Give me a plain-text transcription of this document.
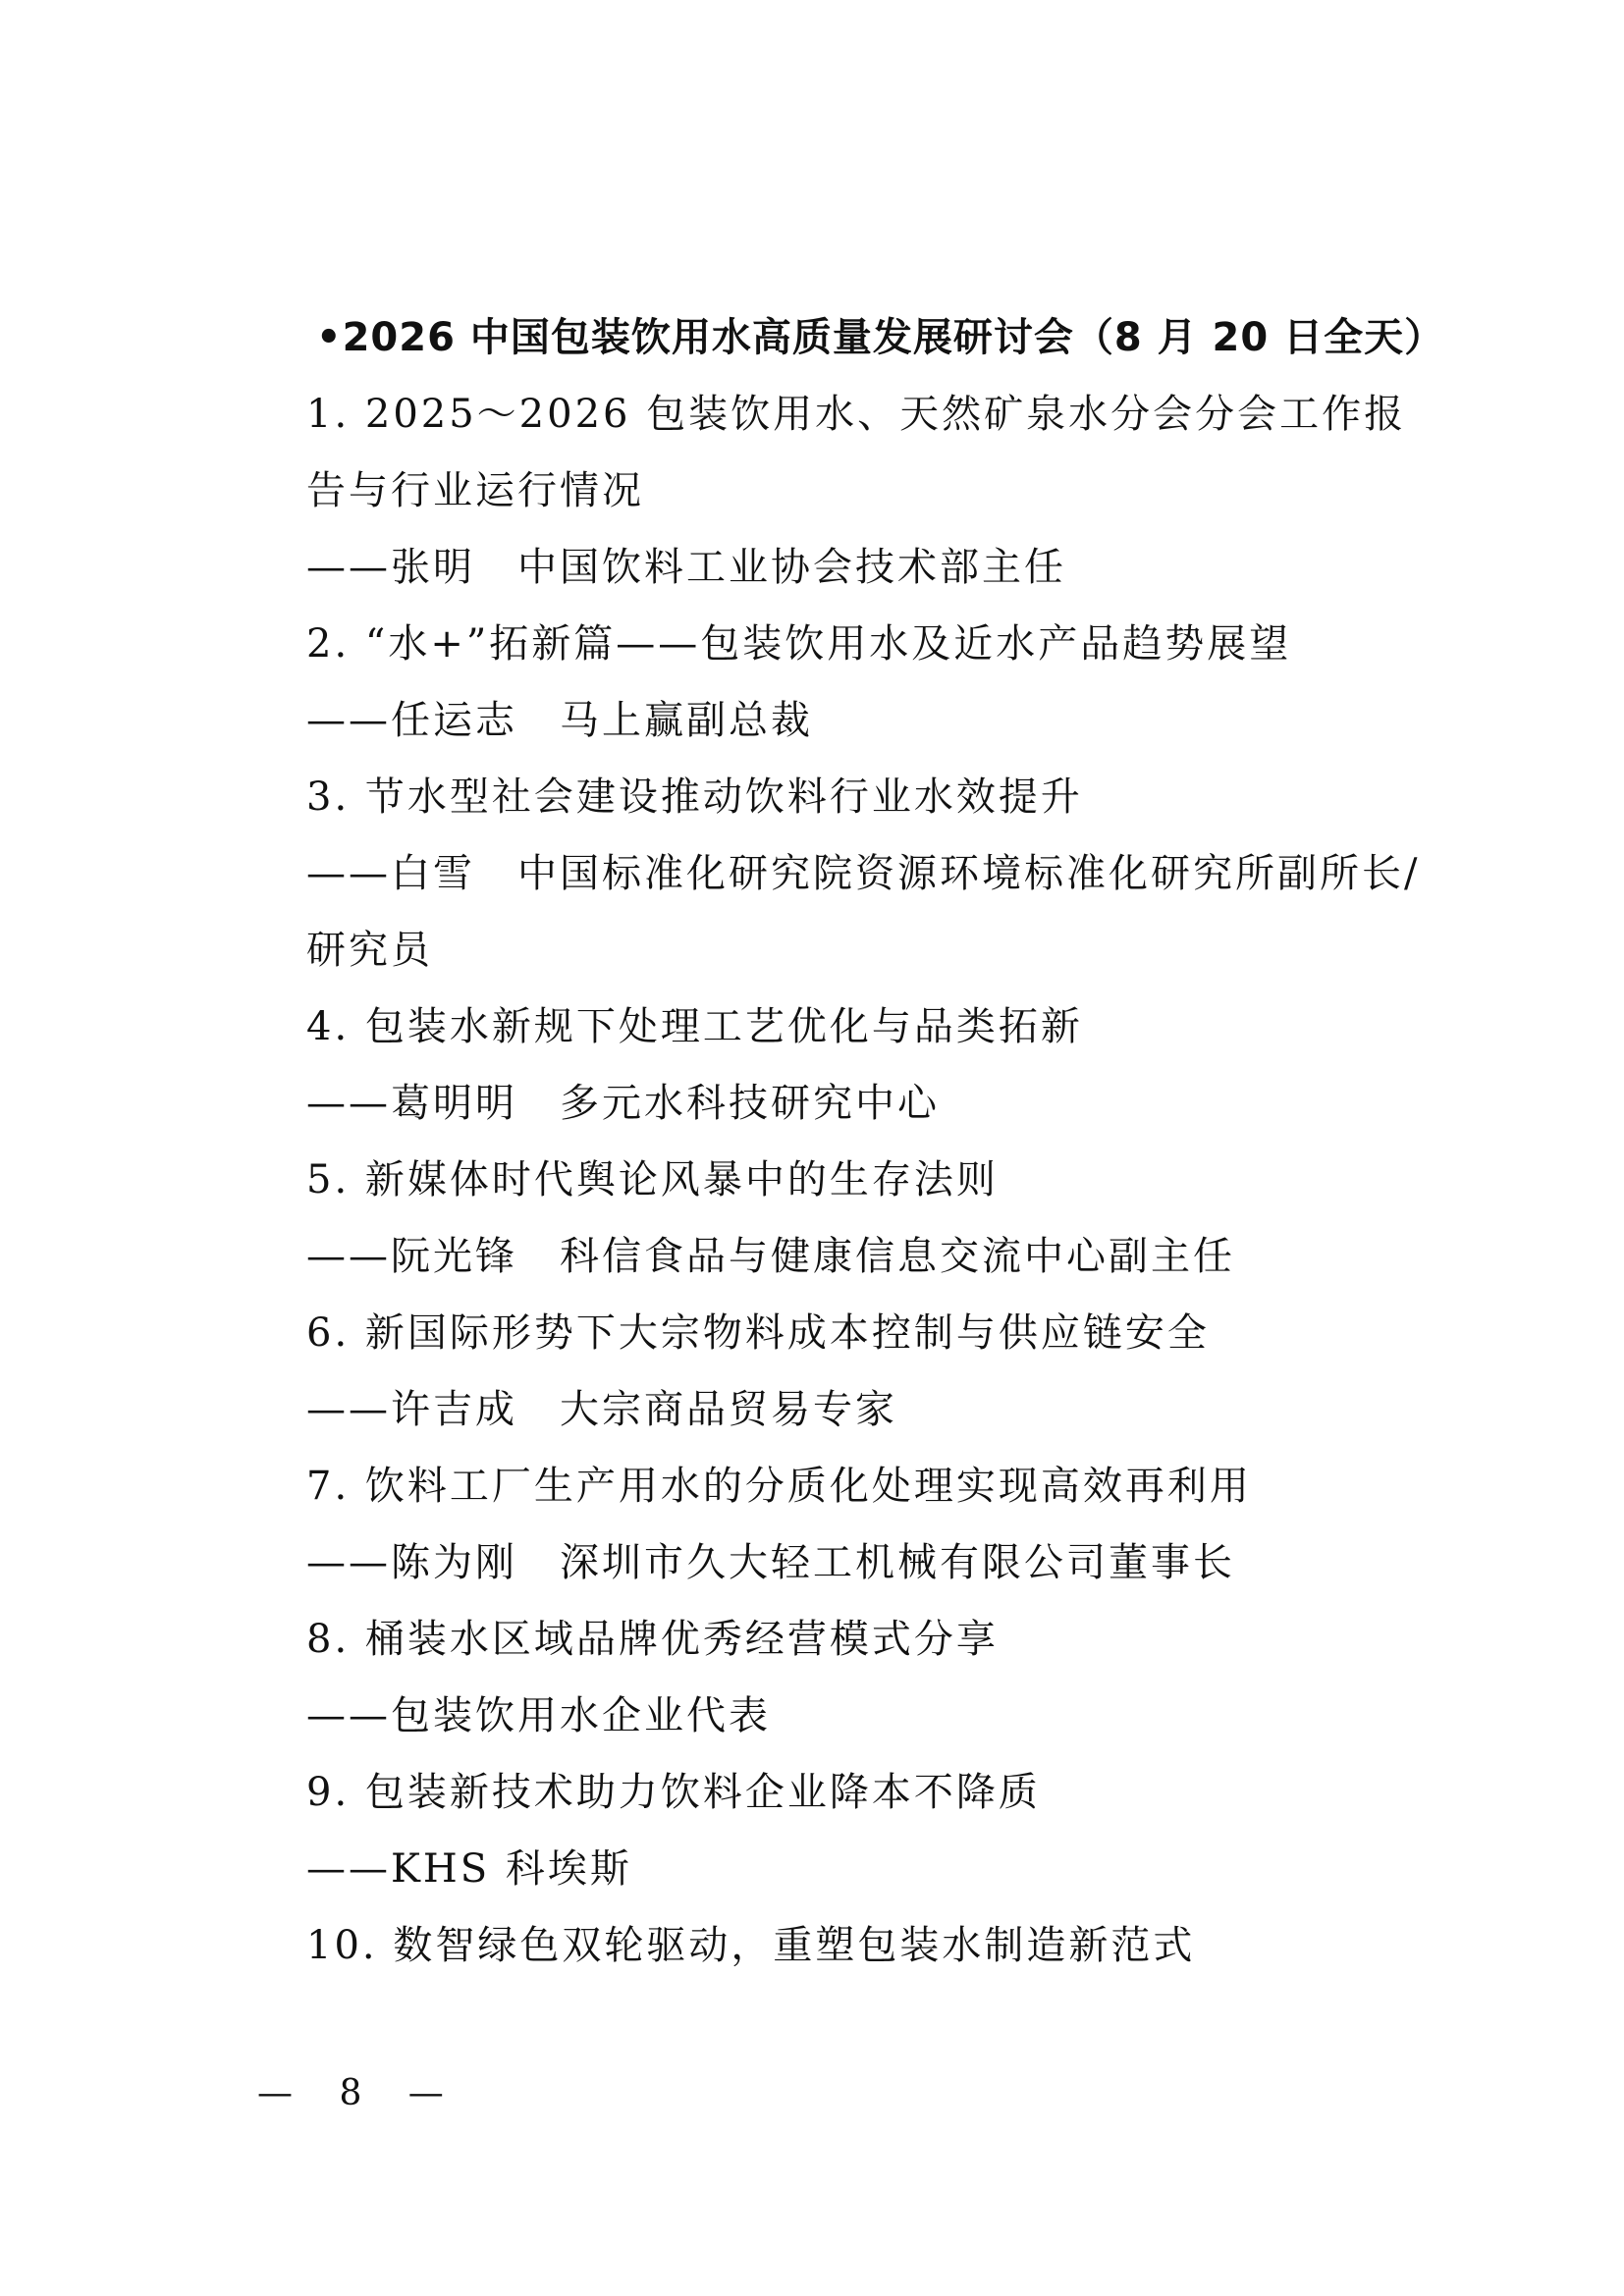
•2026 中国包装饮用水高质量发展研讨会（8 月 20 日全天）
1. 2025～2026 包装饮用水、天然矿泉水分会分会工作报告与行业运行情况
——张明　中国饮料工业协会技术部主任
2. “水+”拓新篇——包装饮用水及近水产品趋势展望
——任运志　马上赢副总裁
3. 节水型社会建设推动饮料行业水效提升
——白雪　中国标准化研究院资源环境标准化研究所副所长/研究员
4. 包装水新规下处理工艺优化与品类拓新
——葛明明　多元水科技研究中心
5. 新媒体时代舆论风暴中的生存法则
——阮光锋　科信食品与健康信息交流中心副主任
6. 新国际形势下大宗物料成本控制与供应链安全
——许吉成　大宗商品贸易专家
7. 饮料工厂生产用水的分质化处理实现高效再利用
——陈为刚　深圳市久大轻工机械有限公司董事长
8. 桶装水区域品牌优秀经营模式分享
——包装饮用水企业代表
9. 包装新技术助力饮料企业降本不降质
——KHS 科埃斯
10. 数智绿色双轮驱动，重塑包装水制造新范式
— 8 —
